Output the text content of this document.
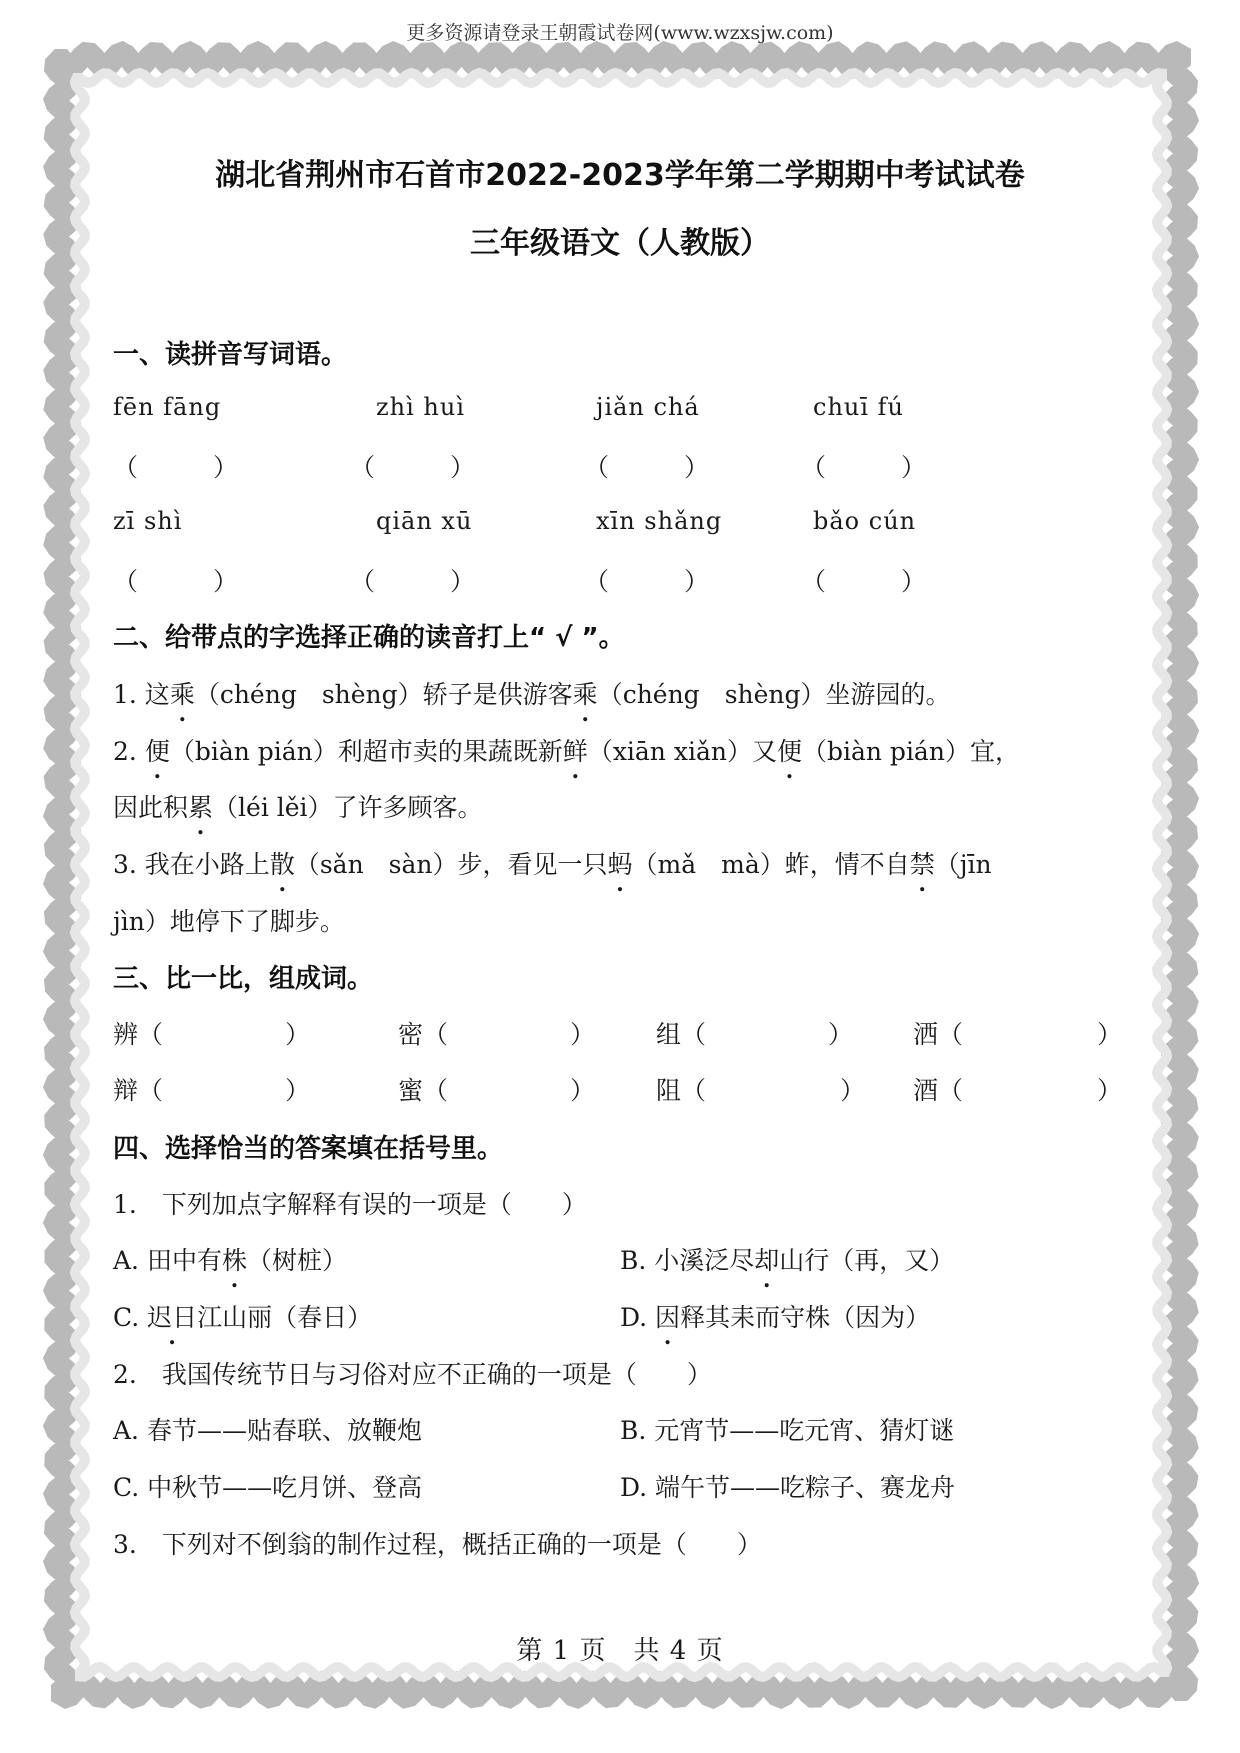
更多资源请登录王朝霞试卷网(www.wzxsjw.com)
湖北省荆州市石首市2022-2023学年第二学期期中考试试卷
三年级语文（人教版）
一、读拼音写词语。
fēn fāng	zhì huì	jiǎn chá	chuī fú
（　　　）	（　　　）	（　　　）	（　　　）
zī shì	qiān xū	xīn shǎng	bǎo cún
（　　　）	（　　　）	（　　　）	（　　　）
二、给带点的字选择正确的读音打上“ √ ”。
1. 这乘（chéng　shèng）轿子是供游客乘（chéng　shèng）坐游园的。
2. 便（biàn pián）利超市卖的果蔬既新鲜（xiān xiǎn）又便（biàn pián）宜，
因此积累（léi lěi）了许多顾客。
3. 我在小路上散（sǎn　sàn）步，看见一只蚂（mǎ　mà）蚱，情不自禁（jīn
jìn）地停下了脚步。
三、比一比，组成词。
辨（	）	密（	） 组（	） 洒（	）
辩（	）	蜜（	） 阻（	） 酒（	）
四、选择恰当的答案填在括号里。
1.　下列加点字解释有误的一项是（　　）
A. 田中有株（树桩）	B. 小溪泛尽却山行（再，又）
C. 迟日江山丽（春日）	D. 因释其耒而守株（因为）
2.　我国传统节日与习俗对应不正确的一项是（　　）
A. 春节——贴春联、放鞭炮	B. 元宵节——吃元宵、猜灯谜
C. 中秋节——吃月饼、登高	D. 端午节——吃粽子、赛龙舟
3.　下列对不倒翁的制作过程，概括正确的一项是（　　）
第 1 页　共 4 页
